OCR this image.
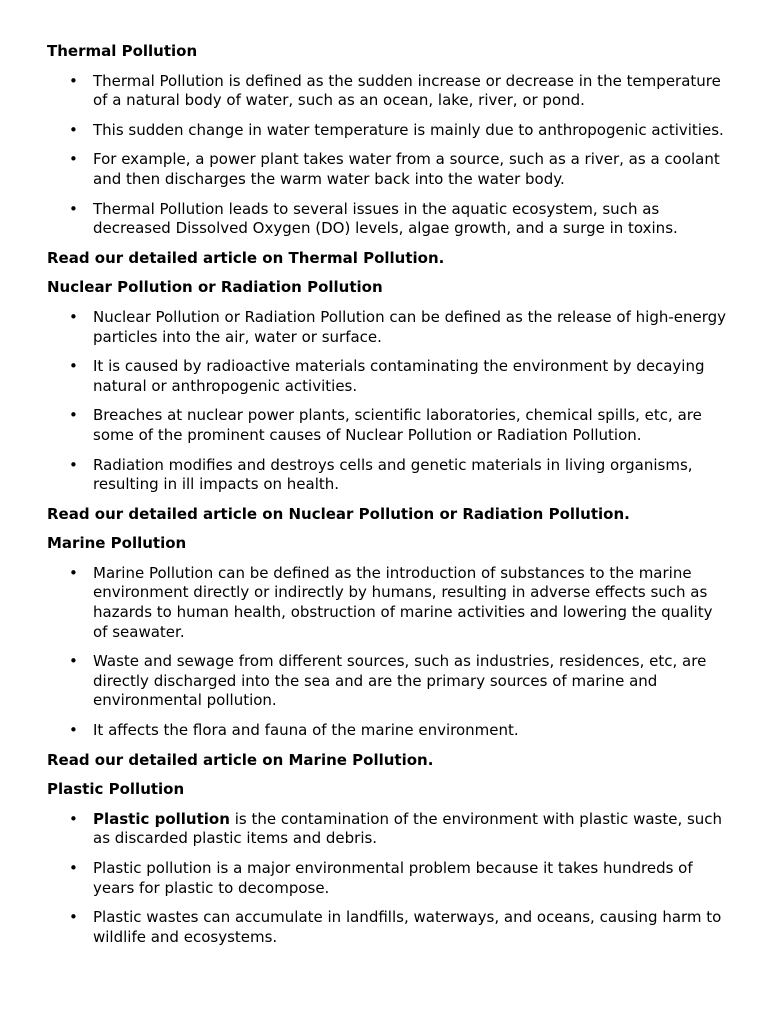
Thermal Pollution
• Thermal Pollution is defined as the sudden increase or decrease in the temperature of a natural body of water, such as an ocean, lake, river, or pond.
• This sudden change in water temperature is mainly due to anthropogenic activities.
• For example, a power plant takes water from a source, such as a river, as a coolant and then discharges the warm water back into the water body.
• Thermal Pollution leads to several issues in the aquatic ecosystem, such as decreased Dissolved Oxygen (DO) levels, algae growth, and a surge in toxins.
Read our detailed article on Thermal Pollution.
Nuclear Pollution or Radiation Pollution
• Nuclear Pollution or Radiation Pollution can be defined as the release of high-energy particles into the air, water or surface.
• It is caused by radioactive materials contaminating the environment by decaying natural or anthropogenic activities.
• Breaches at nuclear power plants, scientific laboratories, chemical spills, etc, are some of the prominent causes of Nuclear Pollution or Radiation Pollution.
• Radiation modifies and destroys cells and genetic materials in living organisms, resulting in ill impacts on health.
Read our detailed article on Nuclear Pollution or Radiation Pollution.
Marine Pollution
• Marine Pollution can be defined as the introduction of substances to the marine environment directly or indirectly by humans, resulting in adverse effects such as hazards to human health, obstruction of marine activities and lowering the quality of seawater.
• Waste and sewage from different sources, such as industries, residences, etc, are directly discharged into the sea and are the primary sources of marine and environmental pollution.
• It affects the flora and fauna of the marine environment.
Read our detailed article on Marine Pollution.
Plastic Pollution
• Plastic pollution is the contamination of the environment with plastic waste, such as discarded plastic items and debris.
• Plastic pollution is a major environmental problem because it takes hundreds of years for plastic to decompose.
• Plastic wastes can accumulate in landfills, waterways, and oceans, causing harm to wildlife and ecosystems.
